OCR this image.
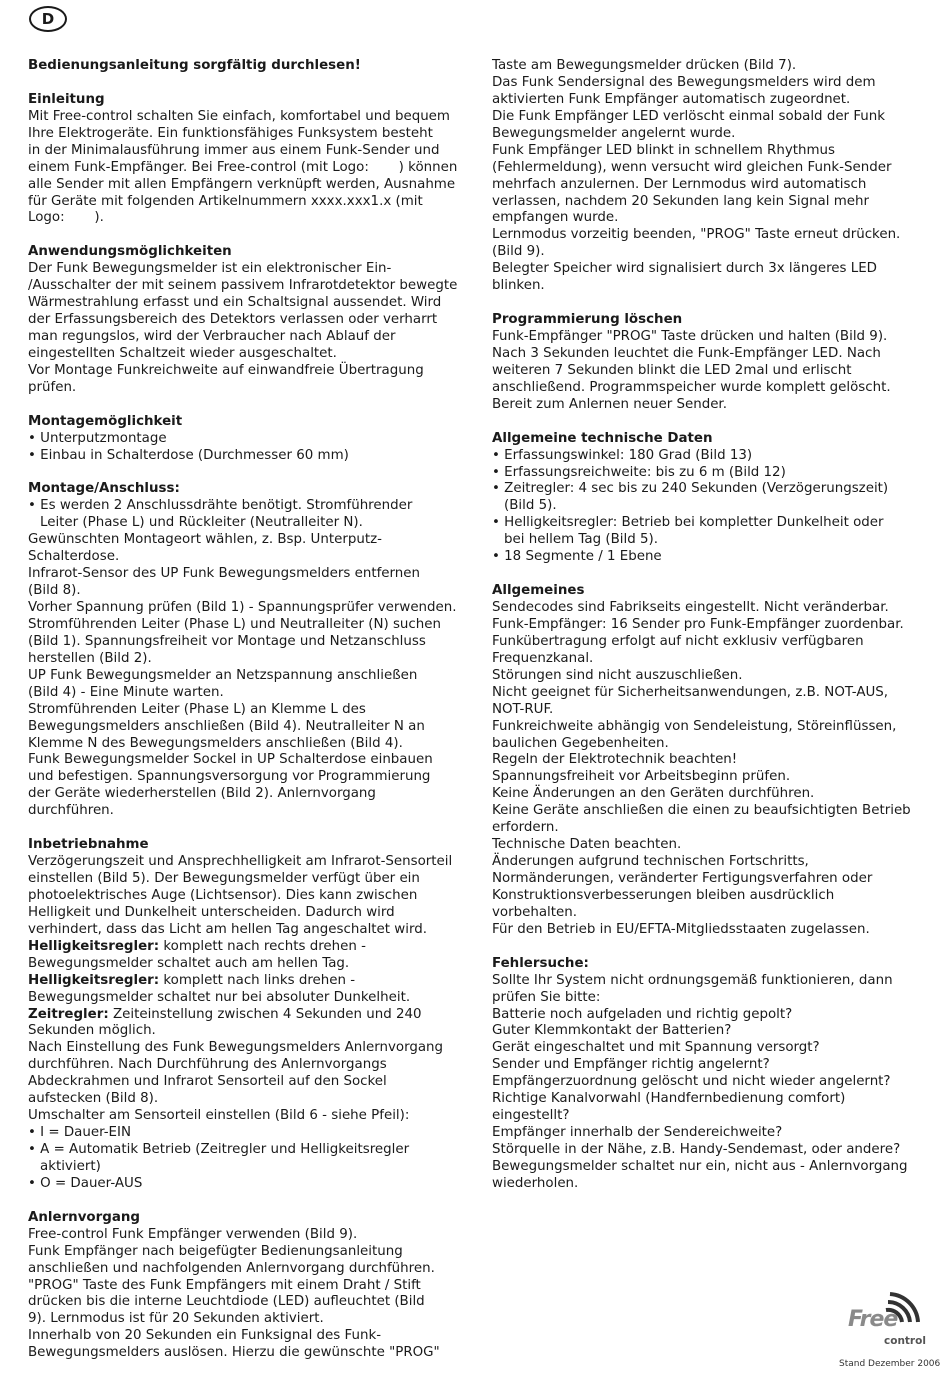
D
Bedienungsanleitung sorgfältig durchlesen!
Einleitung
Mit Free-control schalten Sie einfach, komfortabel und bequem
Ihre Elektrogeräte. Ein funktionsfähiges Funksystem besteht
in der Minimalausführung immer aus einem Funk-Sender und
einem Funk-Empfänger. Bei Free-control (mit Logo:       ) können
alle Sender mit allen Empfängern verknüpft werden, Ausnahme
für Geräte mit folgenden Artikelnummern xxxx.xxx1.x (mit
Logo:       ).
Anwendungsmöglichkeiten
Der Funk Bewegungsmelder ist ein elektronischer Ein-
/Ausschalter der mit seinem passivem Infrarotdetektor bewegte
Wärmestrahlung erfasst und ein Schaltsignal aussendet. Wird
der Erfassungsbereich des Detektors verlassen oder verharrt
man regungslos, wird der Verbraucher nach Ablauf der
eingestellten Schaltzeit wieder ausgeschaltet.
Vor Montage Funkreichweite auf einwandfreie Übertragung
prüfen.
Montagemöglichkeit
• Unterputzmontage
• Einbau in Schalterdose (Durchmesser 60 mm)
Montage/Anschluss:
• Es werden 2 Anschlussdrähte benötigt. Stromführender
Leiter (Phase L) und Rückleiter (Neutralleiter N).
Gewünschten Montageort wählen, z. Bsp. Unterputz-
Schalterdose.
Infrarot-Sensor des UP Funk Bewegungsmelders entfernen
(Bild 8).
Vorher Spannung prüfen (Bild 1) - Spannungsprüfer verwenden.
Stromführenden Leiter (Phase L) und Neutralleiter (N) suchen
(Bild 1). Spannungsfreiheit vor Montage und Netzanschluss
herstellen (Bild 2).
UP Funk Bewegungsmelder an Netzspannung anschließen
(Bild 4) - Eine Minute warten.
Stromführenden Leiter (Phase L) an Klemme L des
Bewegungsmelders anschließen (Bild 4). Neutralleiter N an
Klemme N des Bewegungsmelders anschließen (Bild 4).
Funk Bewegungsmelder Sockel in UP Schalterdose einbauen
und befestigen. Spannungsversorgung vor Programmierung
der Geräte wiederherstellen (Bild 2). Anlernvorgang
durchführen.
Inbetriebnahme
Verzögerungszeit und Ansprechhelligkeit am Infrarot-Sensorteil
einstellen (Bild 5). Der Bewegungsmelder verfügt über ein
photoelektrisches Auge (Lichtsensor). Dies kann zwischen
Helligkeit und Dunkelheit unterscheiden. Dadurch wird
verhindert, dass das Licht am hellen Tag angeschaltet wird.
Helligkeitsregler: komplett nach rechts drehen -
Bewegungsmelder schaltet auch am hellen Tag.
Helligkeitsregler: komplett nach links drehen -
Bewegungsmelder schaltet nur bei absoluter Dunkelheit.
Zeitregler: Zeiteinstellung zwischen 4 Sekunden und 240
Sekunden möglich.
Nach Einstellung des Funk Bewegungsmelders Anlernvorgang
durchführen. Nach Durchführung des Anlernvorgangs
Abdeckrahmen und Infrarot Sensorteil auf den Sockel
aufstecken (Bild 8).
Umschalter am Sensorteil einstellen (Bild 6 - siehe Pfeil):
• I = Dauer-EIN
• A = Automatik Betrieb (Zeitregler und Helligkeitsregler
aktiviert)
• O = Dauer-AUS
Anlernvorgang
Free-control Funk Empfänger verwenden (Bild 9).
Funk Empfänger nach beigefügter Bedienungsanleitung
anschließen und nachfolgenden Anlernvorgang durchführen.
"PROG" Taste des Funk Empfängers mit einem Draht / Stift
drücken bis die interne Leuchtdiode (LED) aufleuchtet (Bild
9). Lernmodus ist für 20 Sekunden aktiviert.
Innerhalb von 20 Sekunden ein Funksignal des Funk-
Bewegungsmelders auslösen. Hierzu die gewünschte "PROG"
Taste am Bewegungsmelder drücken (Bild 7).
Das Funk Sendersignal des Bewegungsmelders wird dem
aktivierten Funk Empfänger automatisch zugeordnet.
Die Funk Empfänger LED verlöscht einmal sobald der Funk
Bewegungsmelder angelernt wurde.
Funk Empfänger LED blinkt in schnellem Rhythmus
(Fehlermeldung), wenn versucht wird gleichen Funk-Sender
mehrfach anzulernen. Der Lernmodus wird automatisch
verlassen, nachdem 20 Sekunden lang kein Signal mehr
empfangen wurde.
Lernmodus vorzeitig beenden, "PROG" Taste erneut drücken.
(Bild 9).
Belegter Speicher wird signalisiert durch 3x längeres LED
blinken.
Programmierung löschen
Funk-Empfänger "PROG" Taste drücken und halten (Bild 9).
Nach 3 Sekunden leuchtet die Funk-Empfänger LED. Nach
weiteren 7 Sekunden blinkt die LED 2mal und erlischt
anschließend. Programmspeicher wurde komplett gelöscht.
Bereit zum Anlernen neuer Sender.
Allgemeine technische Daten
• Erfassungswinkel: 180 Grad (Bild 13)
• Erfassungsreichweite: bis zu 6 m (Bild 12)
• Zeitregler: 4 sec bis zu 240 Sekunden (Verzögerungszeit)
(Bild 5).
• Helligkeitsregler: Betrieb bei kompletter Dunkelheit oder
bei hellem Tag (Bild 5).
• 18 Segmente / 1 Ebene
Allgemeines
Sendecodes sind Fabrikseits eingestellt. Nicht veränderbar.
Funk-Empfänger: 16 Sender pro Funk-Empfänger zuordenbar.
Funkübertragung erfolgt auf nicht exklusiv verfügbaren
Frequenzkanal.
Störungen sind nicht auszuschließen.
Nicht geeignet für Sicherheitsanwendungen, z.B. NOT-AUS,
NOT-RUF.
Funkreichweite abhängig von Sendeleistung, Störeinflüssen,
baulichen Gegebenheiten.
Regeln der Elektrotechnik beachten!
Spannungsfreiheit vor Arbeitsbeginn prüfen.
Keine Änderungen an den Geräten durchführen.
Keine Geräte anschließen die einen zu beaufsichtigten Betrieb
erfordern.
Technische Daten beachten.
Änderungen aufgrund technischen Fortschritts,
Normänderungen, veränderter Fertigungsverfahren oder
Konstruktionsverbesserungen bleiben ausdrücklich
vorbehalten.
Für den Betrieb in EU/EFTA-Mitgliedsstaaten zugelassen.
Fehlersuche:
Sollte Ihr System nicht ordnungsgemäß funktionieren, dann
prüfen Sie bitte:
Batterie noch aufgeladen und richtig gepolt?
Guter Klemmkontakt der Batterien?
Gerät eingeschaltet und mit Spannung versorgt?
Sender und Empfänger richtig angelernt?
Empfängerzuordnung gelöscht und nicht wieder angelernt?
Richtige Kanalvorwahl (Handfernbedienung comfort)
eingestellt?
Empfänger innerhalb der Sendereichweite?
Störquelle in der Nähe, z.B. Handy-Sendemast, oder andere?
Bewegungsmelder schaltet nur ein, nicht aus - Anlernvorgang
wiederholen.
Free
control
Stand Dezember 2006
